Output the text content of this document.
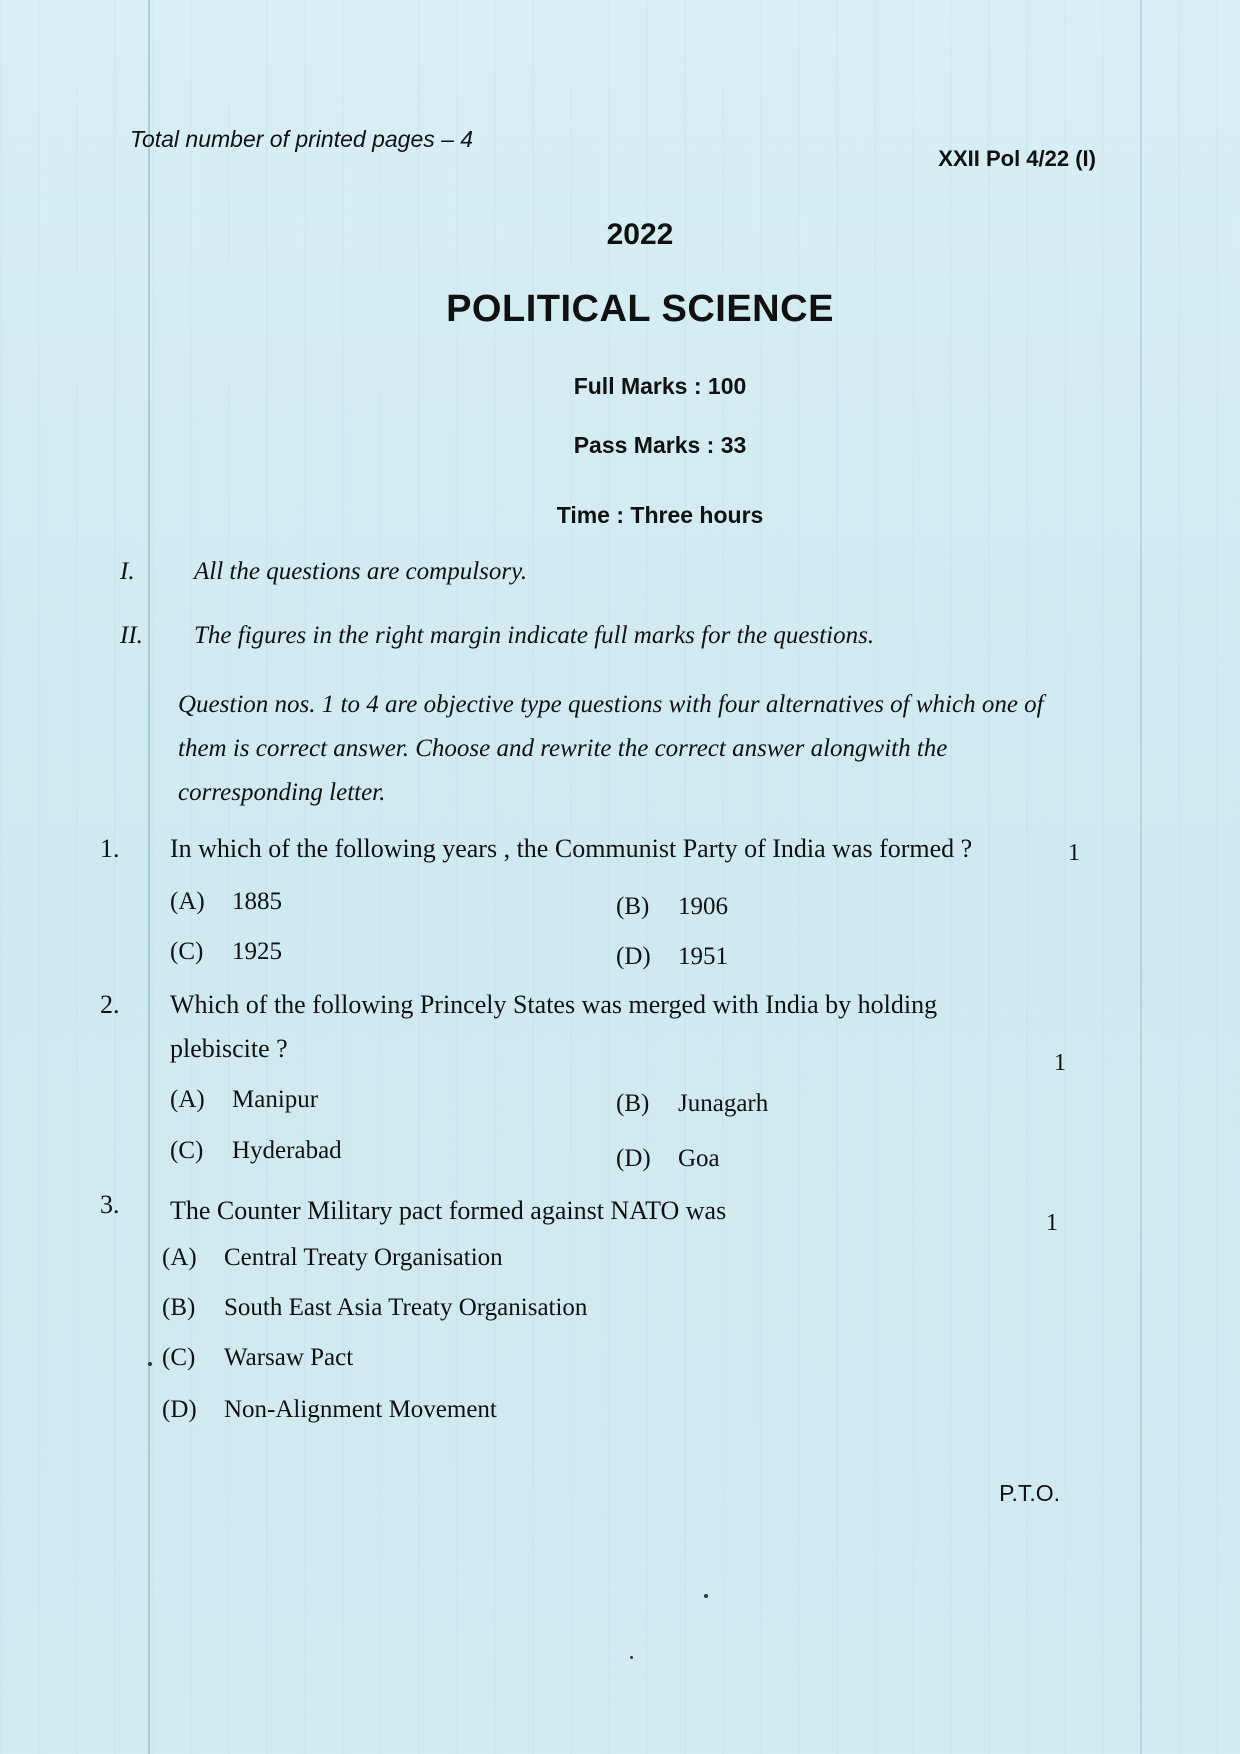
Total number of printed pages – 4
XXII Pol 4/22 (I)
2022
POLITICAL SCIENCE
Full Marks : 100
Pass Marks : 33
Time : Three hours
I. All the questions are compulsory.
II. The figures in the right margin indicate full marks for the questions.
Question nos. 1 to 4 are objective type questions with four alternatives of which one of them is correct answer. Choose and rewrite the correct answer alongwith the corresponding letter.
1. In which of the following years , the Communist Party of India was formed ?	1
(A) 1885	(B) 1906
(C) 1925	(D) 1951
2. Which of the following Princely States was merged with India by holding
plebiscite ?	1
(A) Manipur	(B) Junagarh
(C) Hyderabad	(D) Goa
3. The Counter Military pact formed against NATO was	1
(A) Central Treaty Organisation
(B) South East Asia Treaty Organisation
(C) Warsaw Pact
(D) Non-Alignment Movement
P.T.O.
